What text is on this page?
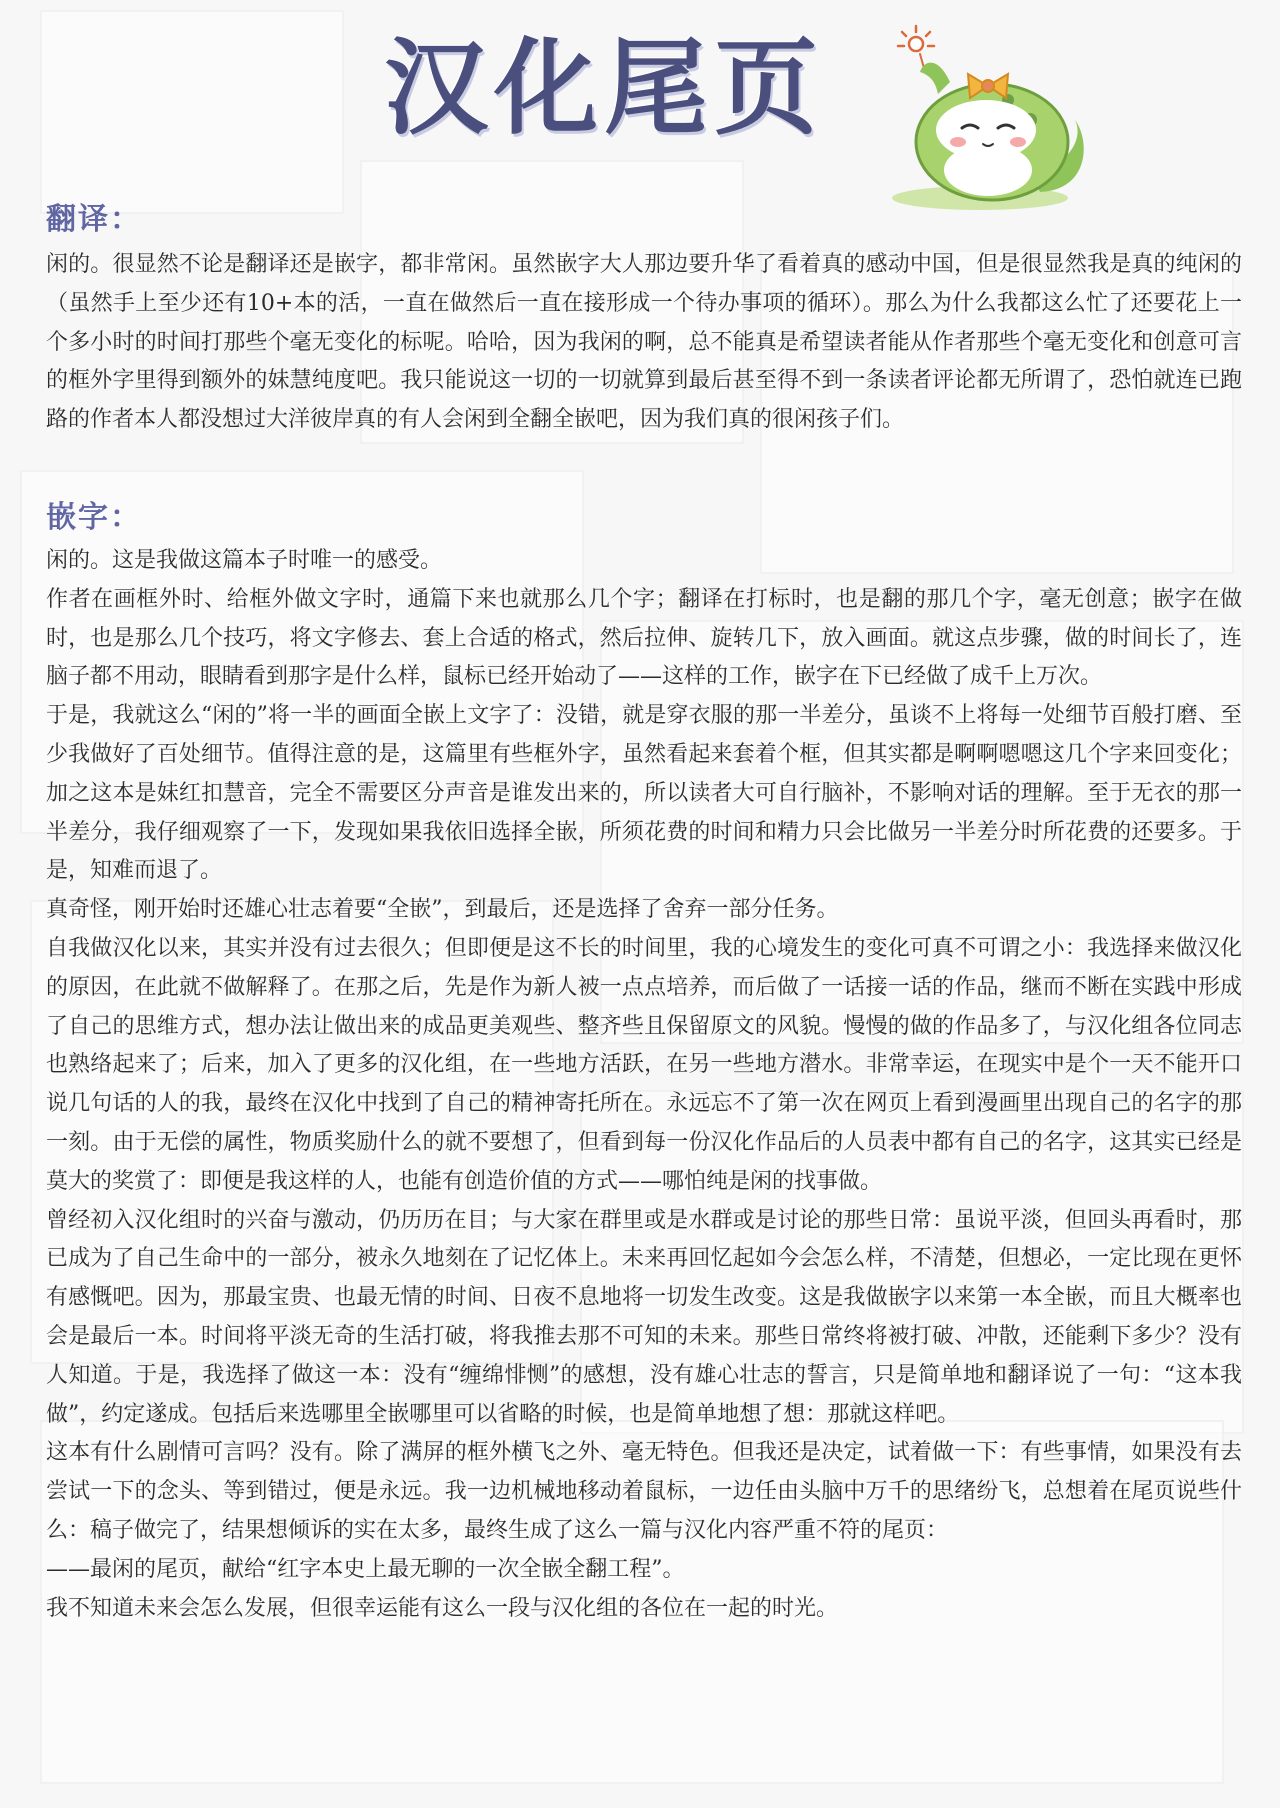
汉化尾页
翻译：

闲的。很显然不论是翻译还是嵌字，都非常闲。虽然嵌字大人那边要升华了看着真的感动中国，但是很显然我是真的纯闲的（虽然手上至少还有10+本的活，一直在做然后一直在接形成一个待办事项的循环）。那么为什么我都这么忙了还要花上一个多小时的时间打那些个毫无变化的标呢。哈哈，因为我闲的啊，总不能真是希望读者能从作者那些个毫无变化和创意可言的框外字里得到额外的妹慧纯度吧。我只能说这一切的一切就算到最后甚至得不到一条读者评论都无所谓了，恐怕就连已跑路的作者本人都没想过大洋彼岸真的有人会闲到全翻全嵌吧，因为我们真的很闲孩子们。

嵌字：

闲的。这是我做这篇本子时唯一的感受。

作者在画框外时、给框外做文字时，通篇下来也就那么几个字；翻译在打标时，也是翻的那几个字，毫无创意；嵌字在做时，也是那么几个技巧，将文字修去、套上合适的格式，然后拉伸、旋转几下，放入画面。就这点步骤，做的时间长了，连脑子都不用动，眼睛看到那字是什么样，鼠标已经开始动了——这样的工作，嵌字在下已经做了成千上万次。

于是，我就这么“闲的”将一半的画面全嵌上文字了：没错，就是穿衣服的那一半差分，虽谈不上将每一处细节百般打磨、至少我做好了百处细节。值得注意的是，这篇里有些框外字，虽然看起来套着个框，但其实都是啊啊嗯嗯这几个字来回变化；加之这本是妹红扣慧音，完全不需要区分声音是谁发出来的，所以读者大可自行脑补，不影响对话的理解。至于无衣的那一半差分，我仔细观察了一下，发现如果我依旧选择全嵌，所须花费的时间和精力只会比做另一半差分时所花费的还要多。于是，知难而退了。

真奇怪，刚开始时还雄心壮志着要“全嵌”，到最后，还是选择了舍弃一部分任务。

自我做汉化以来，其实并没有过去很久；但即便是这不长的时间里，我的心境发生的变化可真不可谓之小：我选择来做汉化的原因，在此就不做解释了。在那之后，先是作为新人被一点点培养，而后做了一话接一话的作品，继而不断在实践中形成了自己的思维方式，想办法让做出来的成品更美观些、整齐些且保留原文的风貌。慢慢的做的作品多了，与汉化组各位同志也熟络起来了；后来，加入了更多的汉化组，在一些地方活跃，在另一些地方潜水。非常幸运，在现实中是个一天不能开口说几句话的人的我，最终在汉化中找到了自己的精神寄托所在。永远忘不了第一次在网页上看到漫画里出现自己的名字的那一刻。由于无偿的属性，物质奖励什么的就不要想了，但看到每一份汉化作品后的人员表中都有自己的名字，这其实已经是莫大的奖赏了：即便是我这样的人，也能有创造价值的方式——哪怕纯是闲的找事做。

曾经初入汉化组时的兴奋与激动，仍历历在目；与大家在群里或是水群或是讨论的那些日常：虽说平淡，但回头再看时，那已成为了自己生命中的一部分，被永久地刻在了记忆体上。未来再回忆起如今会怎么样，不清楚，但想必，一定比现在更怀有感慨吧。因为，那最宝贵、也最无情的时间、日夜不息地将一切发生改变。这是我做嵌字以来第一本全嵌，而且大概率也会是最后一本。时间将平淡无奇的生活打破，将我推去那不可知的未来。那些日常终将被打破、冲散，还能剩下多少？没有人知道。于是，我选择了做这一本：没有“缠绵悱恻”的感想，没有雄心壮志的誓言，只是简单地和翻译说了一句：“这本我做”，约定遂成。包括后来选哪里全嵌哪里可以省略的时候，也是简单地想了想：那就这样吧。

这本有什么剧情可言吗？没有。除了满屏的框外横飞之外、毫无特色。但我还是决定，试着做一下：有些事情，如果没有去尝试一下的念头、等到错过，便是永远。我一边机械地移动着鼠标，一边任由头脑中万千的思绪纷飞，总想着在尾页说些什么：稿子做完了，结果想倾诉的实在太多，最终生成了这么一篇与汉化内容严重不符的尾页：

——最闲的尾页，献给“红字本史上最无聊的一次全嵌全翻工程”。

我不知道未来会怎么发展，但很幸运能有这么一段与汉化组的各位在一起的时光。
